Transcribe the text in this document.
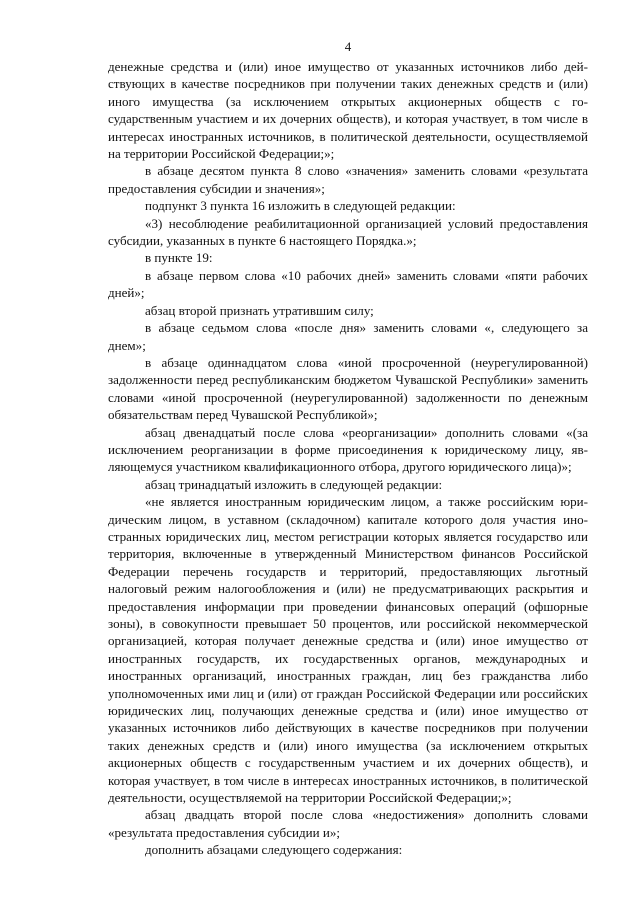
4

денежные средства и (или) иное имущество от указанных источников либо действующих в качестве посредников при получении таких денежных средств и (или) иного имущества (за исключением открытых акционерных обществ с государственным участием и их дочерних обществ), и которая участвует, в том числе в интересах иностранных источников, в политической деятельности, осуществляемой на территории Российской Федерации;»;

в абзаце десятом пункта 8 слово «значения» заменить словами «результата предоставления субсидии и значения»;

подпункт 3 пункта 16 изложить в следующей редакции:

«3) несоблюдение реабилитационной организацией условий предоставления субсидии, указанных в пункте 6 настоящего Порядка.»;

в пункте 19:

в абзаце первом слова «10 рабочих дней» заменить словами «пяти рабочих дней»;

абзац второй признать утратившим силу;

в абзаце седьмом слова «после дня» заменить словами «, следующего за днем»;

в абзаце одиннадцатом слова «иной просроченной (неурегулированной) задолженности перед республиканским бюджетом Чувашской Республики» заменить словами «иной просроченной (неурегулированной) задолженности по денежным обязательствам перед Чувашской Республикой»;

абзац двенадцатый после слова «реорганизации» дополнить словами «(за исключением реорганизации в форме присоединения к юридическому лицу, являющемуся участником квалификационного отбора, другого юридического лица)»;

абзац тринадцатый изложить в следующей редакции:

«не является иностранным юридическим лицом, а также российским юридическим лицом, в уставном (складочном) капитале которого доля участия иностранных юридических лиц, местом регистрации которых является государство или территория, включенные в утвержденный Министерством финансов Российской Федерации перечень государств и территорий, предоставляющих льготный налоговый режим налогообложения и (или) не предусматривающих раскрытия и предоставления информации при проведении финансовых операций (офшорные зоны), в совокупности превышает 50 процентов, или российской некоммерческой организацией, которая получает денежные средства и (или) иное имущество от иностранных государств, их государственных органов, международных и иностранных организаций, иностранных граждан, лиц без гражданства либо уполномоченных ими лиц и (или) от граждан Российской Федерации или российских юридических лиц, получающих денежные средства и (или) иное имущество от указанных источников либо действующих в качестве посредников при получении таких денежных средств и (или) иного имущества (за исключением открытых акционерных обществ с государственным участием и их дочерних обществ), и которая участвует, в том числе в интересах иностранных источников, в политической деятельности, осуществляемой на территории Российской Федерации;»;

абзац двадцать второй после слова «недостижения» дополнить словами «результата предоставления субсидии и»;

дополнить абзацами следующего содержания:
